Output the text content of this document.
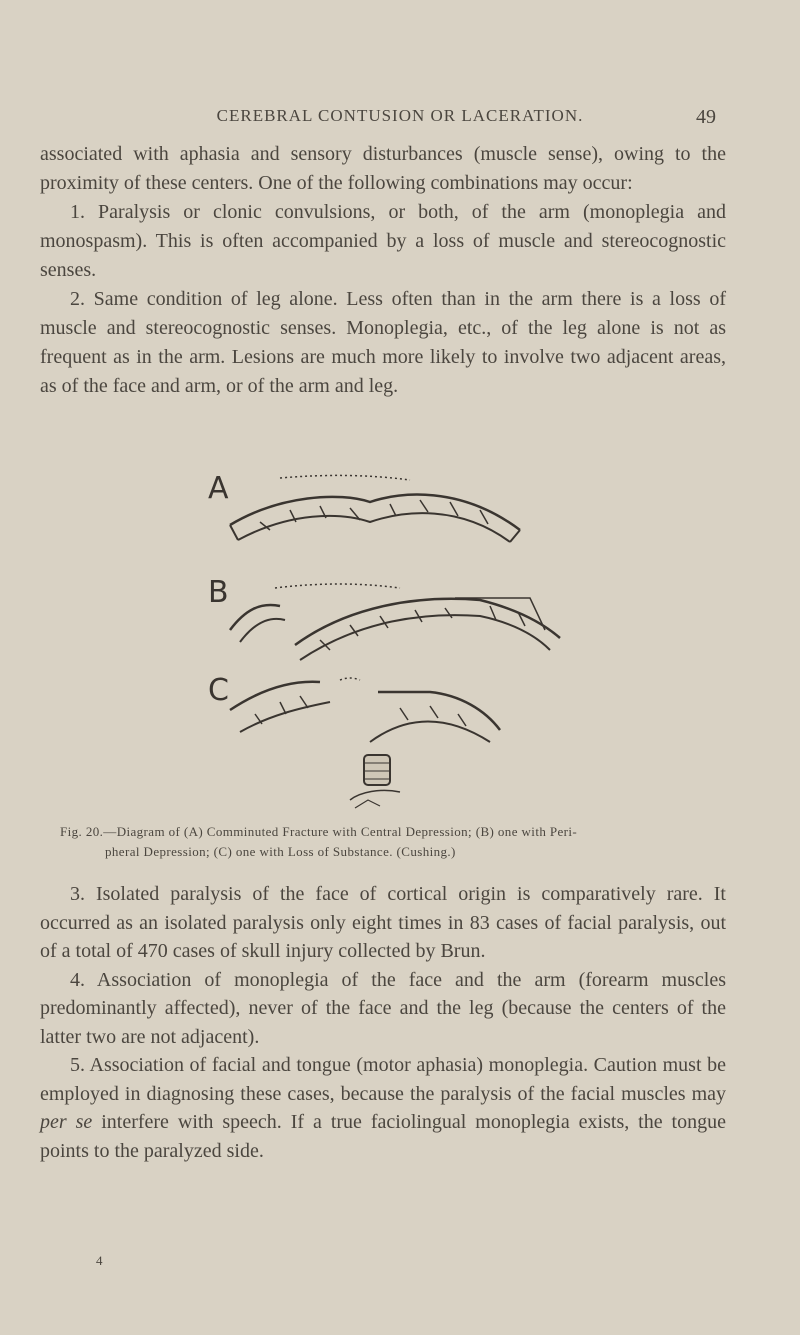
CEREBRAL CONTUSION OR LACERATION.	49

associated with aphasia and sensory disturbances (muscle sense), owing to the proximity of these centers. One of the following combinations may occur:

1. Paralysis or clonic convulsions, or both, of the arm (monoplegia and monospasm). This is often accompanied by a loss of muscle and stereocognostic senses.

2. Same condition of leg alone. Less often than in the arm there is a loss of muscle and stereocognostic senses. Monoplegia, etc., of the leg alone is not as frequent as in the arm. Lesions are much more likely to involve two adjacent areas, as of the face and arm, or of the arm and leg.

A
B
C

Fig. 20.—Diagram of (A) Comminuted Fracture with Central Depression; (B) one with Peri-

pheral Depression; (C) one with Loss of Substance. (Cushing.)

3. Isolated paralysis of the face of cortical origin is comparatively rare. It occurred as an isolated paralysis only eight times in 83 cases of facial paralysis, out of a total of 470 cases of skull injury collected by Brun.

4. Association of monoplegia of the face and the arm (forearm muscles predominantly affected), never of the face and the leg (because the centers of the latter two are not adjacent).

5. Association of facial and tongue (motor aphasia) monoplegia. Caution must be employed in diagnosing these cases, because the paralysis of the facial muscles may per se interfere with speech. If a true faciolingual monoplegia exists, the tongue points to the paralyzed side.

4
